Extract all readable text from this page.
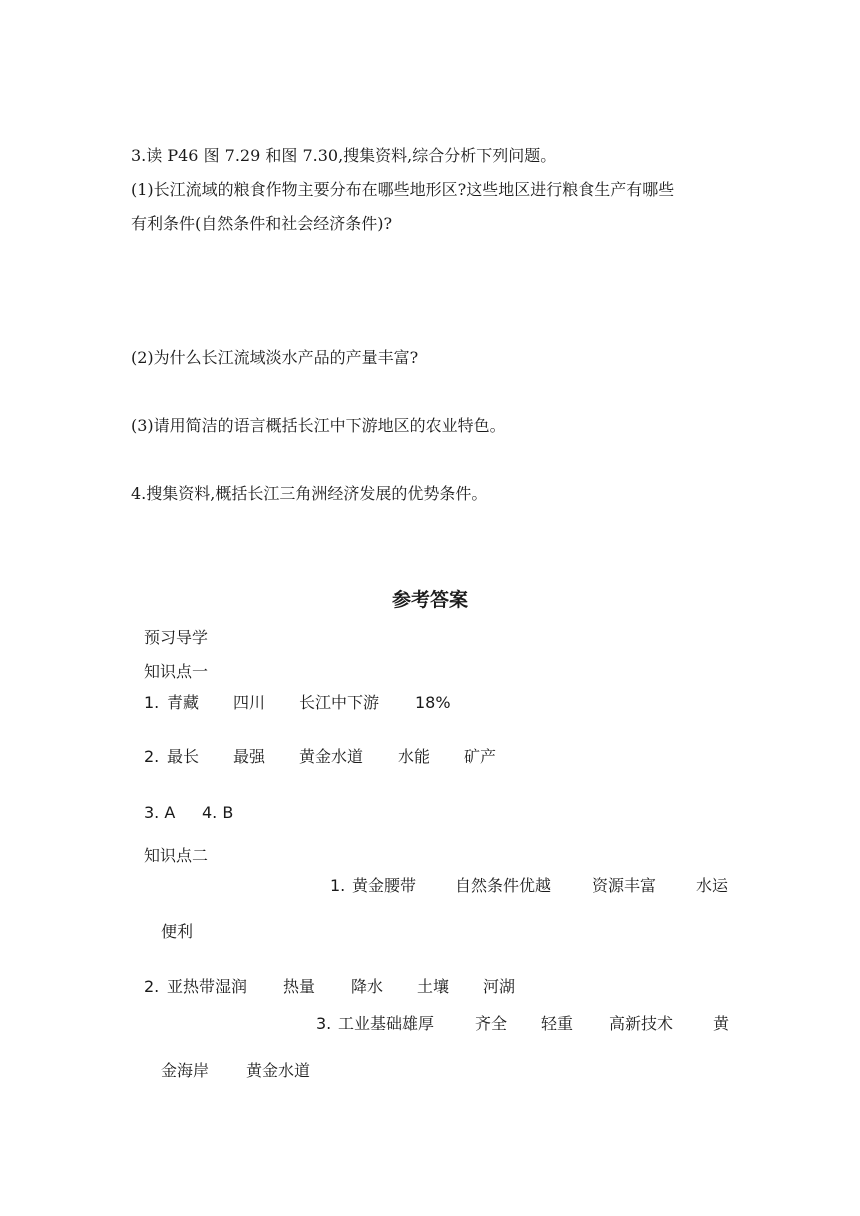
3.读 P46 图 7.29 和图 7.30,搜集资料,综合分析下列问题。
(1)长江流域的粮食作物主要分布在哪些地形区?这些地区进行粮食生产有哪些
有利条件(自然条件和社会经济条件)?
(2)为什么长江流域淡水产品的产量丰富?
(3)请用简洁的语言概括长江中下游地区的农业特色。
4.搜集资料,概括长江三角洲经济发展的优势条件。
参考答案
预习导学
知识点一
1. 青藏	四川	长江中下游	18%
2. 最长	最强	黄金水道	水能	矿产
3. A	4. B
知识点二
1. 黄金腰带	自然条件优越	资源丰富	水运
便利
2. 亚热带湿润	热量	降水	土壤	河湖
3. 工业基础雄厚	齐全	轻重	高新技术	黄
金海岸	黄金水道
